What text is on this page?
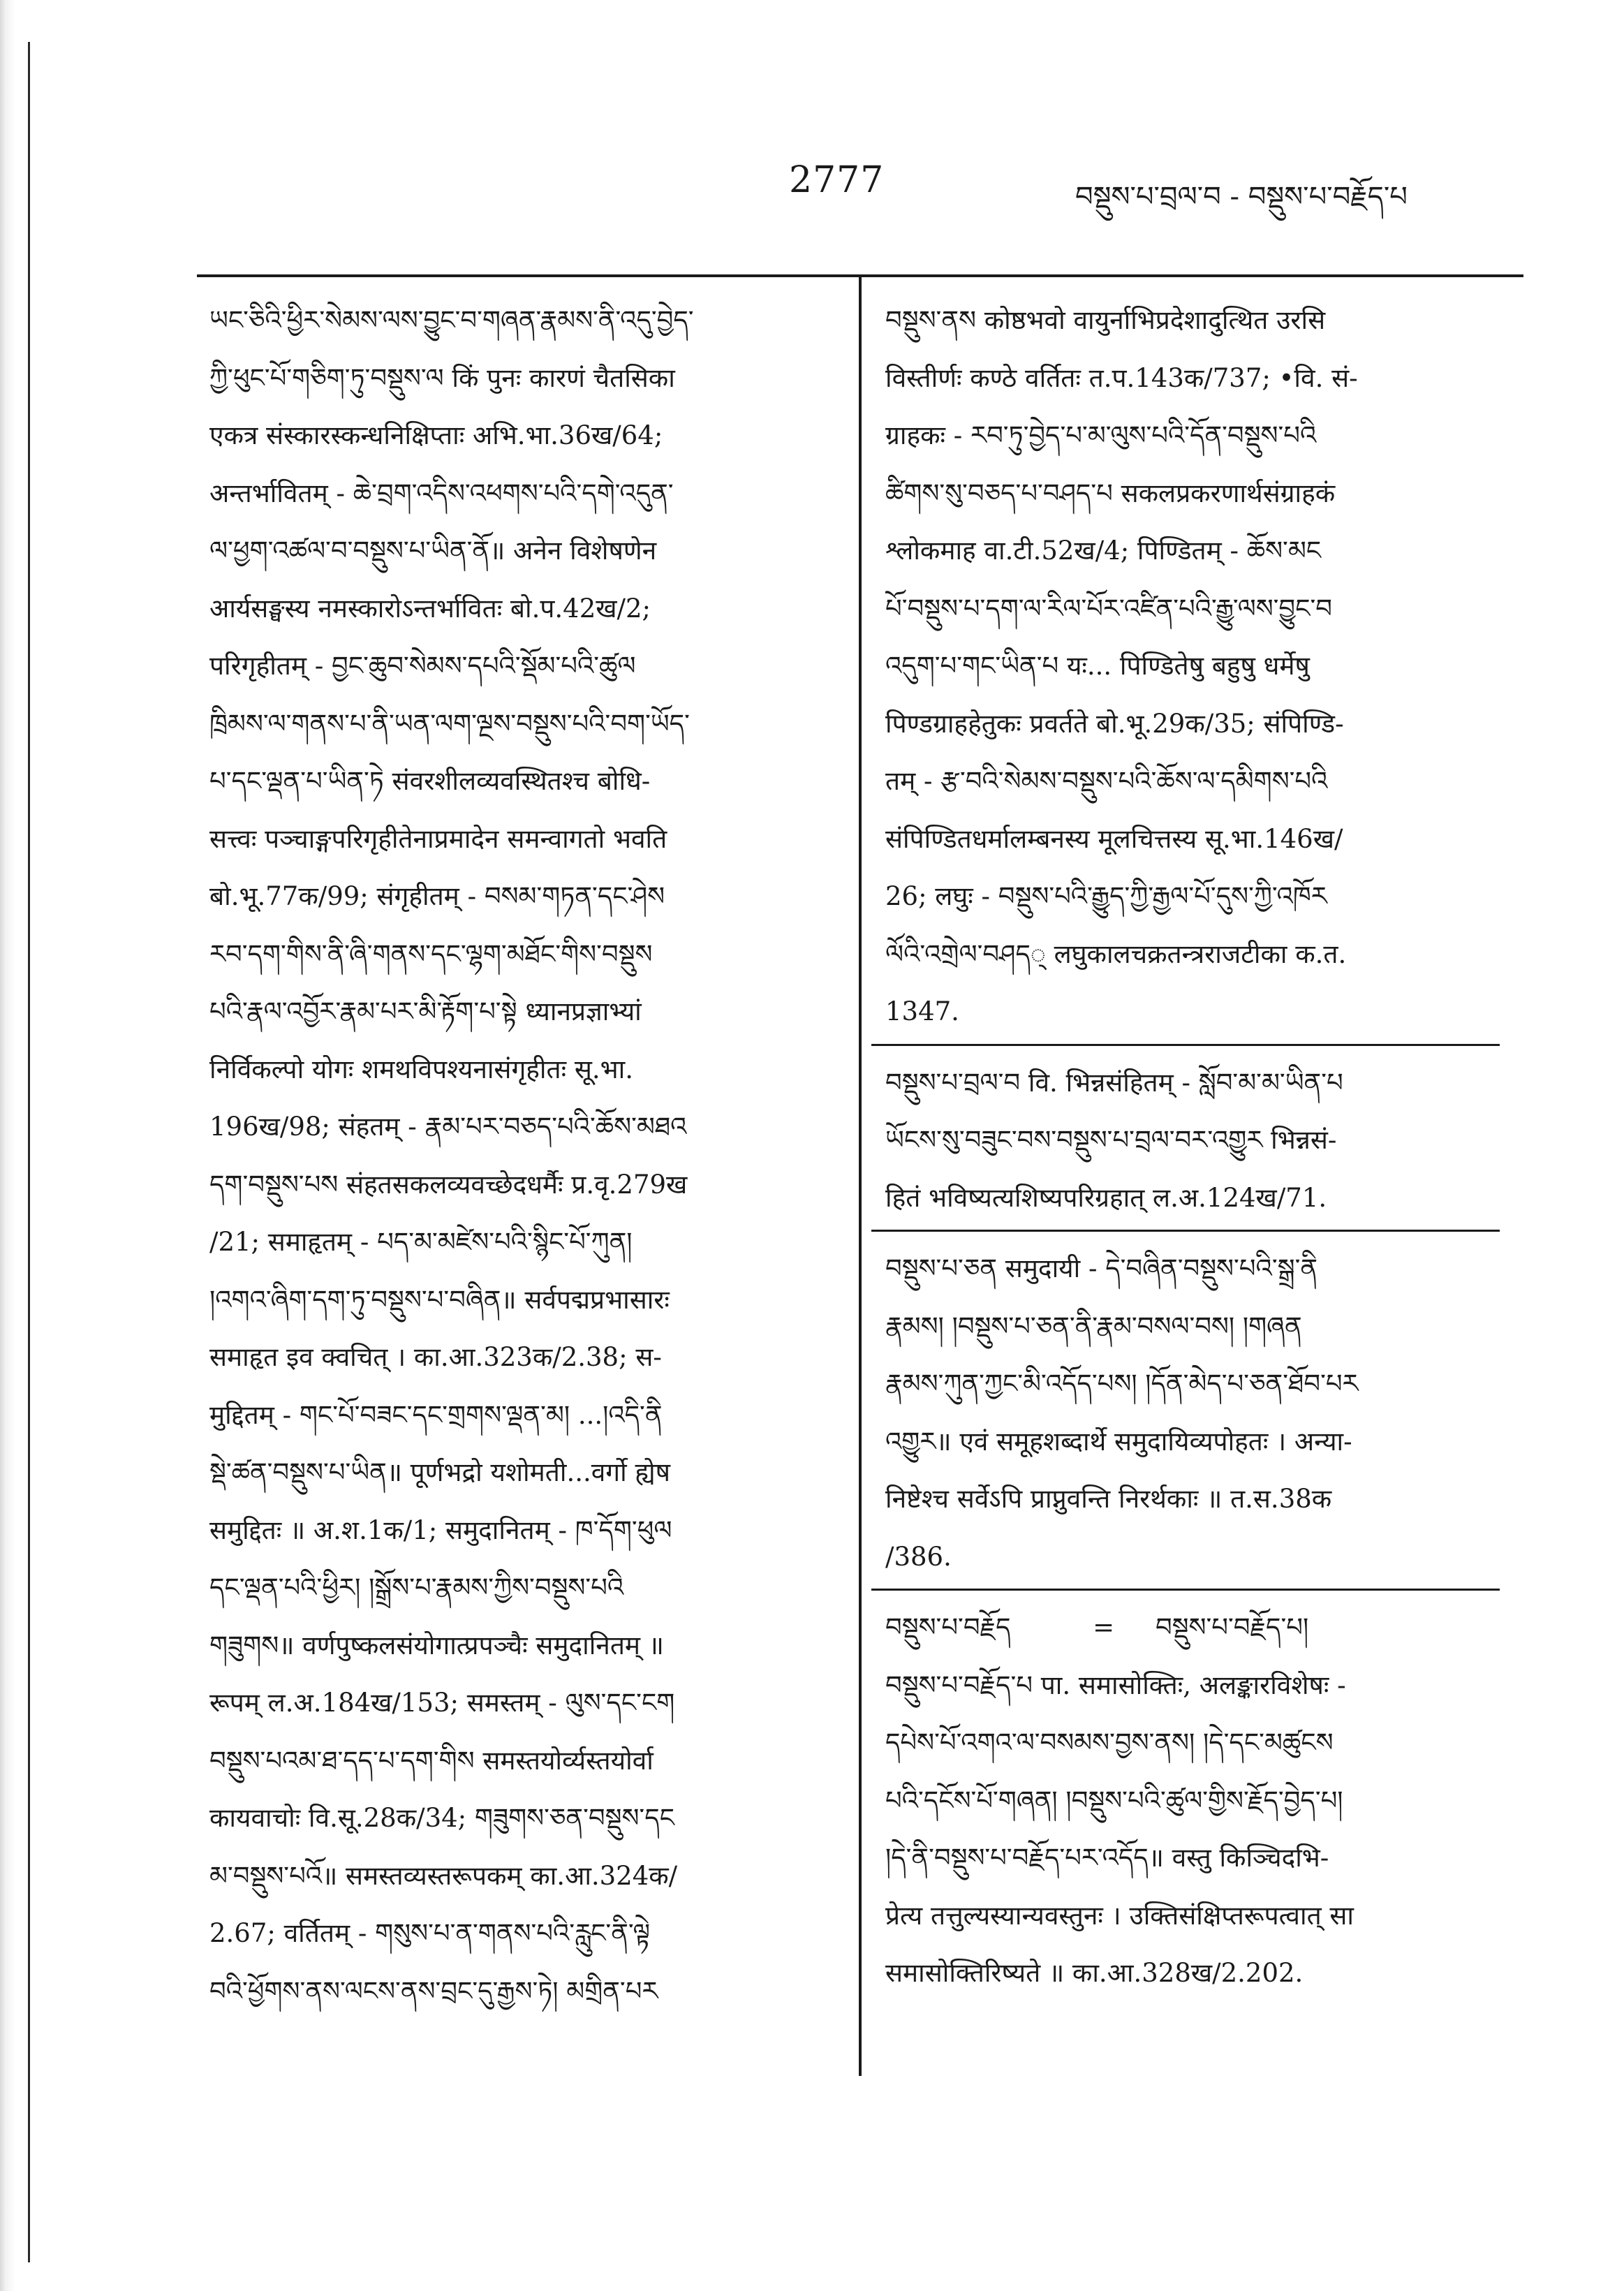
2777	བསྡུས་པ་བྲལ་བ - བསྡུས་པ་བརྗོད་པ
ཡང་ཅིའི་ཕྱིར་སེམས་ལས་བྱུང་བ་གཞན་རྣམས་ནི་འདུ་བྱེད་
ཀྱི་ཕུང་པོ་གཅིག་ཏུ་བསྡུས་ལ किं पुनः कारणं चैतसिका
एकत्र संस्कारस्कन्धनिक्षिप्ताः अभि.भा.36ख/64;
अन्तर्भावितम् - ཆེ་བྲག་འདིས་འཕགས་པའི་དགེ་འདུན་
ལ་ཕྱག་འཚལ་བ་བསྡུས་པ་ཡིན་ནོ॥ अनेन विशेषणेन
आर्यसङ्घस्य नमस्कारोऽन्तर्भावितः बो.प.42ख/2;
परिगृहीतम् - བྱང་ཆུབ་སེམས་དཔའི་སྡོམ་པའི་ཚུལ
ཁྲིམས་ལ་གནས་པ་ནི་ཡན་ལག་ལྔས་བསྡུས་པའི་བག་ཡོད་
པ་དང་ལྡན་པ་ཡིན་ཏེ संवरशीलव्यवस्थितश्च बोधि-
सत्त्वः पञ्चाङ्गपरिगृहीतेनाप्रमादेन समन्वागतो भवति
बो.भू.77क/99; संगृहीतम् - བསམ་གཏན་དང་ཤེས
རབ་དག་གིས་ནི་ཞི་གནས་དང་ལྷག་མཐོང་གིས་བསྡུས
པའི་རྣལ་འབྱོར་རྣམ་པར་མི་རྟོག་པ་སྟེ ध्यानप्रज्ञाभ्यां
निर्विकल्पो योगः शमथविपश्यनासंगृहीतः सू.भा.
196ख/98; संहतम् - རྣམ་པར་བཅད་པའི་ཆོས་མཐའ
དག་བསྡུས་པས संहतसकलव्यवच्छेदधर्मैः प्र.वृ.279ख
/21; समाहृतम् - པད་མ་མཛེས་པའི་སྙིང་པོ་ཀུན།
།འགའ་ཞིག་དག་ཏུ་བསྡུས་པ་བཞིན॥ सर्वपद्मप्रभासारः
समाहृत इव क्वचित् । का.आ.323क/2.38; स-
मुद्दितम् - གང་པོ་བཟང་དང་གྲགས་ལྡན་མ། ...།འདི་ནི
སྡེ་ཚན་བསྡུས་པ་ཡིན॥ पूर्णभद्रो यशोमती...वर्गो ह्येष
समुद्दितः ॥ अ.श.1क/1; समुदानितम् - ཁ་དོག་ཕུལ
དང་ལྡན་པའི་ཕྱིར། །སྒྲོས་པ་རྣམས་ཀྱིས་བསྡུས་པའི
གཟུགས॥ वर्णपुष्कलसंयोगात्प्रपञ्चैः समुदानितम् ॥
रूपम् ल.अ.184ख/153; समस्तम् - ལུས་དང་ངག
བསྡུས་པའམ་ཐ་དད་པ་དག་གིས समस्तयोर्व्यस्तयोर्वा
कायवाचोः वि.सू.28क/34; གཟུགས་ཅན་བསྡུས་དང
མ་བསྡུས་པའོ॥ समस्तव्यस्तरूपकम् का.आ.324क/
2.67; वर्तितम् - གསུས་པ་ན་གནས་པའི་རླུང་ནི་ལྟེ
བའི་ཕྱོགས་ནས་ལངས་ནས་བྲང་དུ་རྒྱས་ཏེ། མགྲིན་པར
བསྡུས་ནས कोष्ठभवो वायुर्नाभिप्रदेशादुत्थित उरसि
विस्तीर्णः कण्ठे वर्तितः त.प.143क/737; •वि. सं-
ग्राहकः - རབ་ཏུ་བྱེད་པ་མ་ལུས་པའི་དོན་བསྡུས་པའི
ཚིགས་སུ་བཅད་པ་བཤད་པ सकलप्रकरणार्थसंग्राहकं
श्लोकमाह वा.टी.52ख/4; पिण्डितम् - ཆོས་མང
པོ་བསྡུས་པ་དག་ལ་རིལ་པོར་འཛིན་པའི་རྒྱུ་ལས་བྱུང་བ
འདུག་པ་གང་ཡིན་པ यः... पिण्डितेषु बहुषु धर्मेषु
पिण्डग्राहहेतुकः प्रवर्तते बो.भू.29क/35; संपिण्डि-
तम् - རྩ་བའི་སེམས་བསྡུས་པའི་ཆོས་ལ་དམིགས་པའི
संपिण्डितधर्मालम्बनस्य मूलचित्तस्य सू.भा.146ख/
26; लघुः - བསྡུས་པའི་རྒྱུད་ཀྱི་རྒྱལ་པོ་དུས་ཀྱི་འཁོར
ལོའི་འགྲེལ་བཤད् लघुकालचक्रतन्त्रराजटीका क.त.
1347.
བསྡུས་པ་བྲལ་བ वि. भिन्नसंहितम् - སློབ་མ་མ་ཡིན་པ
ཡོངས་སུ་བཟུང་བས་བསྡུས་པ་བྲལ་བར་འགྱུར भिन्नसं-
हितं भविष्यत्यशिष्यपरिग्रहात् ल.अ.124ख/71.
བསྡུས་པ་ཅན समुदायी - དེ་བཞིན་བསྡུས་པའི་སྒྲ་ནི
རྣམས། །བསྡུས་པ་ཅན་ནི་རྣམ་བསལ་བས། །གཞན
རྣམས་ཀུན་ཀྱང་མི་འདོད་པས། །དོན་མེད་པ་ཅན་ཐོབ་པར
འགྱུར॥ एवं समूहशब्दार्थे समुदायिव्यपोहतः । अन्या-
निष्टेश्च सर्वेऽपि प्राप्नुवन्ति निरर्थकाः ॥ त.स.38क
/386.
བསྡུས་པ་བརྗོད          =     བསྡུས་པ་བརྗོད་པ།
བསྡུས་པ་བརྗོད་པ पा. समासोक्तिः, अलङ्कारविशेषः -
དཔེས་པོ་འགའ་ལ་བསམས་བྱས་ནས། །དེ་དང་མཚུངས
པའི་དངོས་པོ་གཞན། །བསྡུས་པའི་ཚུལ་གྱིས་རྗོད་བྱེད་པ།
།དེ་ནི་བསྡུས་པ་བརྗོད་པར་འདོད॥ वस्तु किञ्चिदभि-
प्रेत्य तत्तुल्यस्यान्यवस्तुनः । उक्तिसंक्षिप्तरूपत्वात् सा
समासोक्तिरिष्यते ॥ का.आ.328ख/2.202.
